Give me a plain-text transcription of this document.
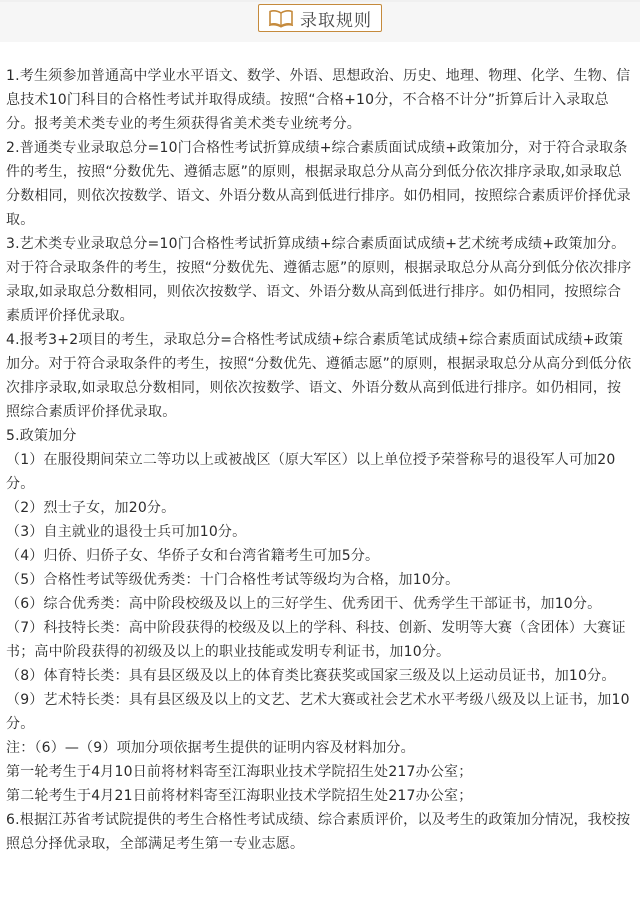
录取规则

1.考生须参加普通高中学业水平语文、数学、外语、思想政治、历史、地理、物理、化学、生物、信息技术10门科目的合格性考试并取得成绩。按照“合格+10分，不合格不计分”折算后计入录取总分。报考美术类专业的考生须获得省美术类专业统考分。

2.普通类专业录取总分=10门合格性考试折算成绩+综合素质面试成绩+政策加分，对于符合录取条件的考生，按照“分数优先、遵循志愿”的原则，根据录取总分从高分到低分依次排序录取,如录取总分数相同，则依次按数学、语文、外语分数从高到低进行排序。如仍相同，按照综合素质评价择优录取。

3.艺术类专业录取总分=10门合格性考试折算成绩+综合素质面试成绩+艺术统考成绩+政策加分。对于符合录取条件的考生，按照“分数优先、遵循志愿”的原则，根据录取总分从高分到低分依次排序录取,如录取总分数相同，则依次按数学、语文、外语分数从高到低进行排序。如仍相同，按照综合素质评价择优录取。

4.报考3+2项目的考生，录取总分=合格性考试成绩+综合素质笔试成绩+综合素质面试成绩+政策加分。对于符合录取条件的考生，按照“分数优先、遵循志愿”的原则，根据录取总分从高分到低分依次排序录取,如录取总分数相同，则依次按数学、语文、外语分数从高到低进行排序。如仍相同，按照综合素质评价择优录取。

5.政策加分

（1）在服役期间荣立二等功以上或被战区（原大军区）以上单位授予荣誉称号的退役军人可加20分。

（2）烈士子女，加20分。

（3）自主就业的退役士兵可加10分。

（4）归侨、归侨子女、华侨子女和台湾省籍考生可加5分。

（5）合格性考试等级优秀类：十门合格性考试等级均为合格，加10分。

（6）综合优秀类：高中阶段校级及以上的三好学生、优秀团干、优秀学生干部证书，加10分。

（7）科技特长类：高中阶段获得的校级及以上的学科、科技、创新、发明等大赛（含团体）大赛证书；高中阶段获得的初级及以上的职业技能或发明专利证书，加10分。

（8）体育特长类：具有县区级及以上的体育类比赛获奖或国家三级及以上运动员证书，加10分。

（9）艺术特长类：具有县区级及以上的文艺、艺术大赛或社会艺术水平考级八级及以上证书，加10分。

注：（6）—（9）项加分项依据考生提供的证明内容及材料加分。

第一轮考生于4月10日前将材料寄至江海职业技术学院招生处217办公室；

第二轮考生于4月21日前将材料寄至江海职业技术学院招生处217办公室；

6.根据江苏省考试院提供的考生合格性考试成绩、综合素质评价，以及考生的政策加分情况，我校按照总分择优录取，全部满足考生第一专业志愿。
